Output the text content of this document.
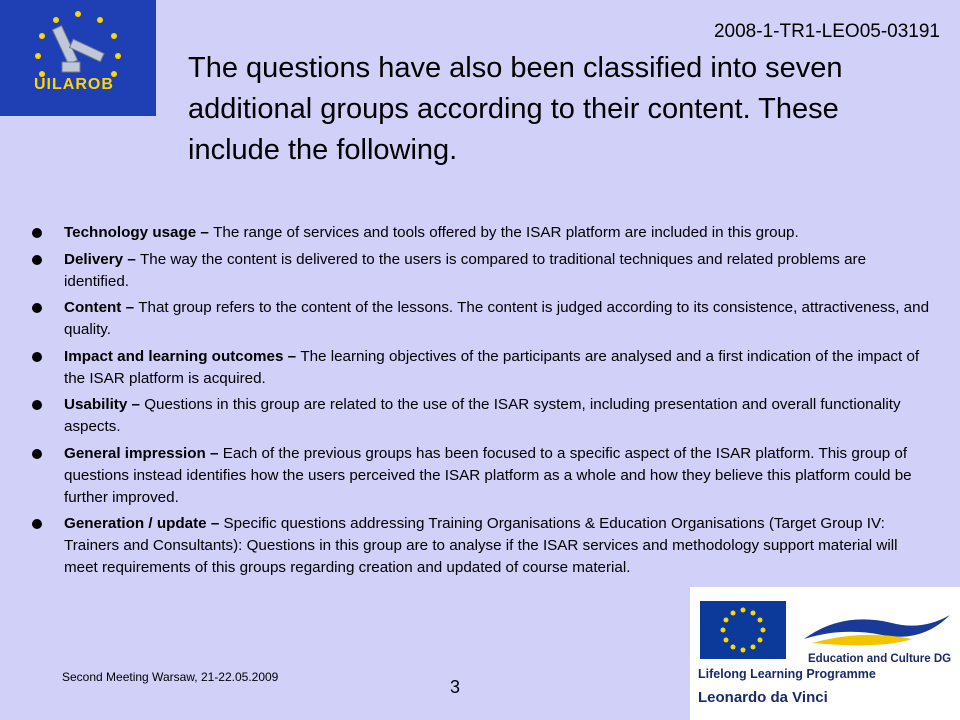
UILAROB
2008-1-TR1-LEO05-03191
The questions have also been classified into seven additional groups according to their content. These include the following.
Technology usage – The range of services and tools offered by the ISAR platform are included in this group.
Delivery – The way the content is delivered to the users is compared to traditional techniques and related problems are identified.
Content – That group refers to the content of the lessons. The content is judged according to its consistence, attractiveness, and quality.
Impact and learning outcomes – The learning objectives of the participants are analysed and a first indication of the impact of the ISAR platform is acquired.
Usability – Questions in this group are related to the use of the ISAR system, including presentation and overall functionality aspects.
General impression – Each of the previous groups has been focused to a specific aspect of the ISAR platform. This group of questions instead identifies how the users perceived the ISAR platform as a whole and how they believe this platform could be further improved.
Generation / update – Specific questions addressing Training Organisations & Education Organisations (Target Group IV: Trainers and Consultants): Questions in this group are to analyse if the ISAR services and methodology support material will meet requirements of this groups regarding creation and updated of course material.
Second Meeting Warsaw, 21-22.05.2009	3
Education and Culture DG
Lifelong Learning Programme
Leonardo da Vinci
